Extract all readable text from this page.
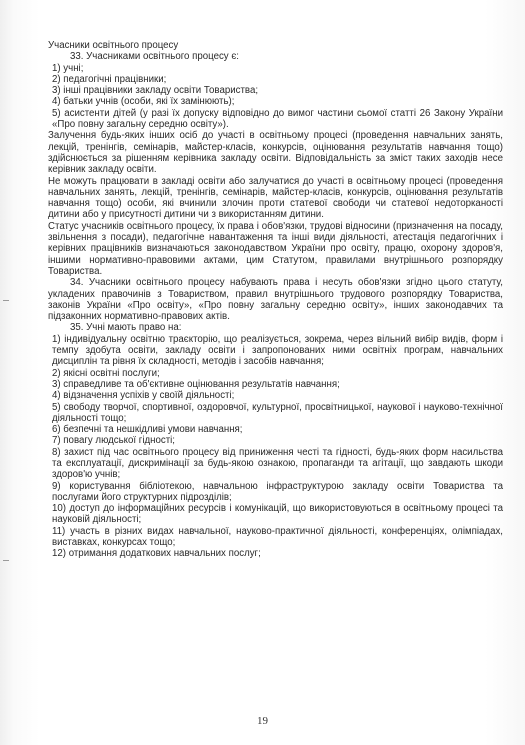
Учасники освітнього процесу

33. Учасниками освітнього процесу є:

1) учні;

2) педагогічні працівники;

3) інші працівники закладу освіти Товариства;

4) батьки учнів (особи, які їх замінюють);

5) асистенти дітей (у разі їх допуску відповідно до вимог частини сьомої статті 26 Закону України «Про повну загальну середню освіту»).

Залучення будь-яких інших осіб до участі в освітньому процесі (проведення навчальних занять, лекцій, тренінгів, семінарів, майстер-класів, конкурсів, оцінювання результатів навчання тощо) здійснюється за рішенням керівника закладу освіти. Відповідальність за зміст таких заходів несе керівник закладу освіти.

Не можуть працювати в закладі освіти або залучатися до участі в освітньому процесі (проведення навчальних занять, лекцій, тренінгів, семінарів, майстер-класів, конкурсів, оцінювання результатів навчання тощо) особи, які вчинили злочин проти статевої свободи чи статевої недоторканості дитини або у присутності дитини чи з використанням дитини.

Статус учасників освітнього процесу, їх права і обов'язки, трудові відносини (призначення на посаду, звільнення з посади), педагогічне навантаження та інші види діяльності, атестація педагогічних і керівних працівників визначаються законодавством України про освіту, працю, охорону здоров'я, іншими нормативно-правовими актами, цим Статутом, правилами внутрішнього розпорядку Товариства.

34. Учасники освітнього процесу набувають права і несуть обов'язки згідно цього статуту, укладених правочинів з Товариством, правил внутрішнього трудового розпорядку Товариства, законів України «Про освіту», «Про повну загальну середню освіту», інших законодавчих та підзаконних нормативно-правових актів.

35. Учні мають право на:

1) індивідуальну освітню траєкторію, що реалізується, зокрема, через вільний вибір видів, форм і темпу здобута освіти, закладу освіти і запропонованих ними освітніх програм, навчальних дисциплін та рівня їх складності, методів і засобів навчання;

2) якісні освітні послуги;

3) справедливе та об'єктивне оцінювання результатів навчання;

4) відзначення успіхів у своїй діяльності;

5) свободу творчої, спортивної, оздоровчої, культурної, просвітницької, наукової і науково-технічної діяльності тощо;

6) безпечні та нешкідливі умови навчання;

7) повагу людської гідності;

8) захист під час освітнього процесу від приниження честі та гідності, будь-яких форм насильства та експлуатації, дискримінації за будь-якою ознакою, пропаганди та агітації, що завдають шкоди здоров'ю учнів;

9) користування бібліотекою, навчальною інфраструктурою закладу освіти Товариства та послугами його структурних підрозділів;

10) доступ до інформаційних ресурсів і комунікацій, що використовуються в освітньому процесі та науковій діяльності;

11) участь в різних видах навчальної, науково-практичної діяльності, конференціях, олімпіадах, виставках, конкурсах тощо;

12) отримання додаткових навчальних послуг;

19
